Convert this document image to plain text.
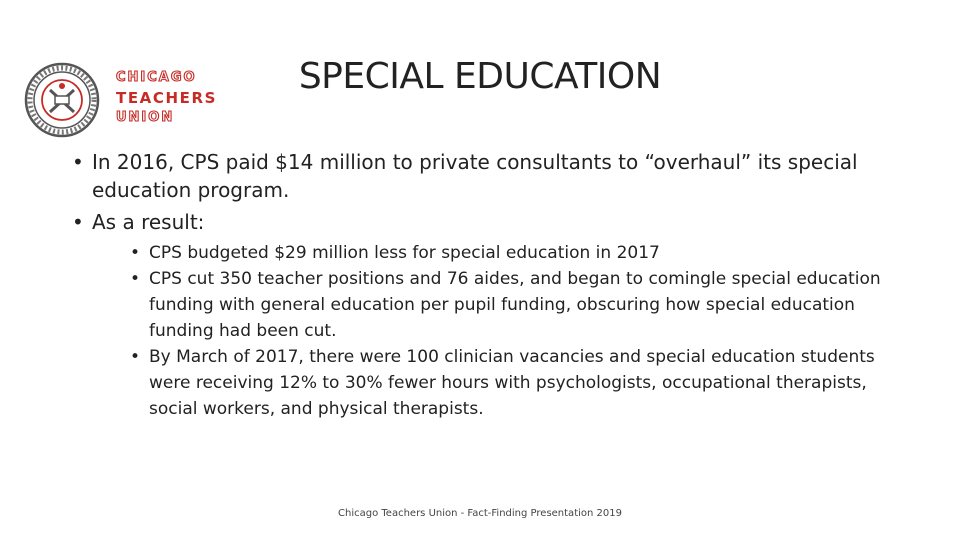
CHICAGO
TEACHERS
UNION
SPECIAL EDUCATION
• In 2016, CPS paid $14 million to private consultants to “overhaul” its special education program.
• As a result:
• CPS budgeted $29 million less for special education in 2017
• CPS cut 350 teacher positions and 76 aides, and began to comingle special education funding with general education per pupil funding, obscuring how special education funding had been cut.
• By March of 2017, there were 100 clinician vacancies and special education students were receiving 12% to 30% fewer hours with psychologists, occupational therapists, social workers, and physical therapists.
Chicago Teachers Union - Fact-Finding Presentation 2019
